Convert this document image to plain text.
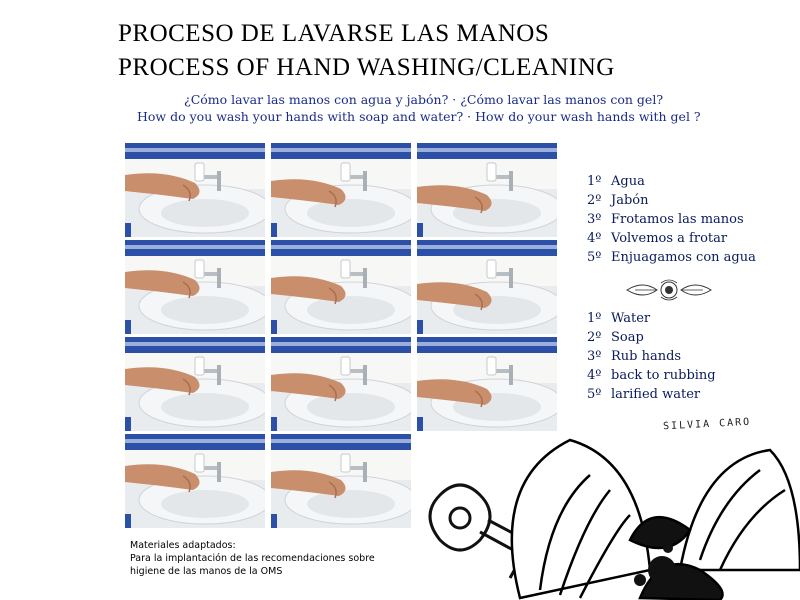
PROCESO DE LAVARSE LAS MANOS
PROCESS OF HAND WASHING/CLEANING
¿Cómo lavar las manos con agua y jabón? · ¿Cómo lavar las manos con gel?
How do you wash your hands with soap and water? · How do your wash hands with gel ?
1º Agua
2º Jabón
3º Frotamos las manos
4º Volvemos a frotar
5º Enjuagamos con agua
1º Water
2º Soap
3º Rub hands
4º back to rubbing
5º larified water
SILVIA CARO
Materiales adaptados:
Para la implantación de las recomendaciones sobre
higiene de las manos de la OMS
